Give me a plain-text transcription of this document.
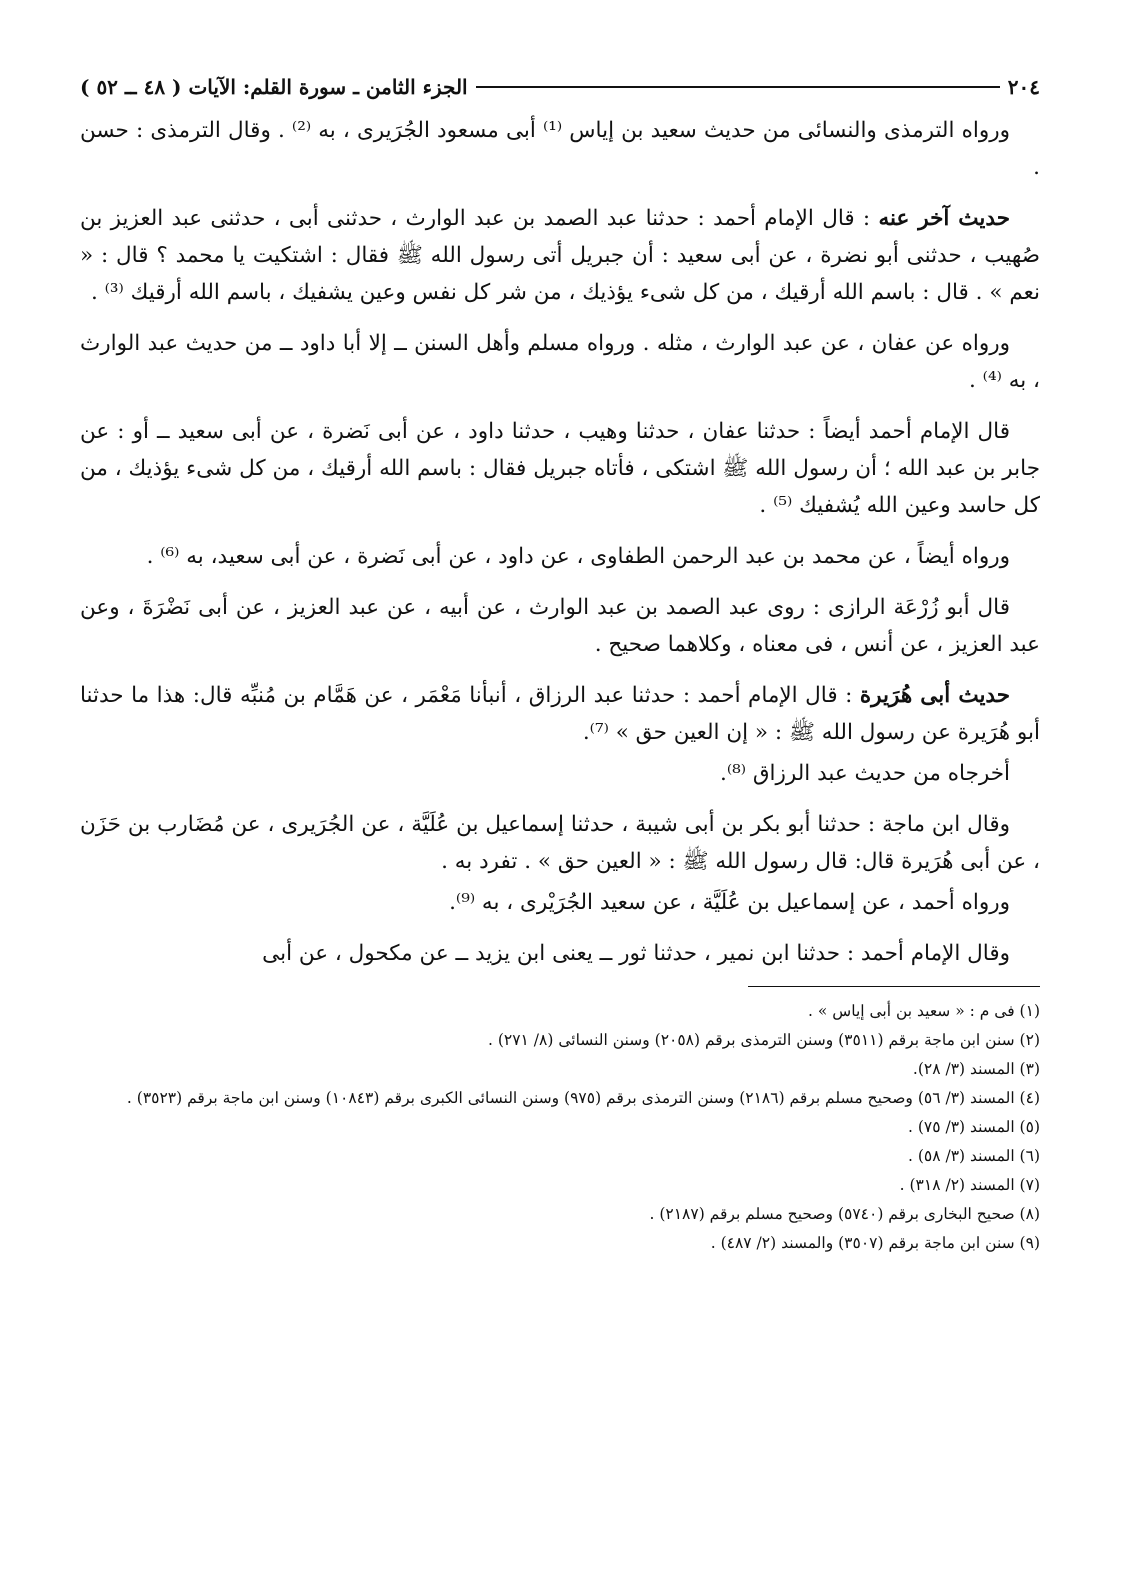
٢٠٤
الجزء الثامن ـ سورة القلم: الآيات ( ٤٨ ــ ٥٢ )

ورواه الترمذى والنسائى من حديث سعيد بن إياس ⁽¹⁾ أبى مسعود الجُرَيرى ، به ⁽²⁾ . وقال الترمذى : حسن .

حديث آخر عنه : قال الإمام أحمد : حدثنا عبد الصمد بن عبد الوارث ، حدثنى أبى ، حدثنى عبد العزيز بن صُهيب ، حدثنى أبو نضرة ، عن أبى سعيد : أن جبريل أتى رسول الله ﷺ فقال : اشتكيت يا محمد ؟ قال : « نعم » . قال : باسم الله أرقيك ، من كل شىء يؤذيك ، من شر كل نفس وعين يشفيك ، باسم الله أرقيك ⁽³⁾ .

ورواه عن عفان ، عن عبد الوارث ، مثله . ورواه مسلم وأهل السنن ــ إلا أبا داود ــ من حديث عبد الوارث ، به ⁽⁴⁾ .

قال الإمام أحمد أيضاً : حدثنا عفان ، حدثنا وهيب ، حدثنا داود ، عن أبى نَضرة ، عن أبى سعيد ــ أو : عن جابر بن عبد الله ؛ أن رسول الله ﷺ اشتكى ، فأتاه جبريل فقال : باسم الله أرقيك ، من كل شىء يؤذيك ، من كل حاسد وعين الله يُشفيك ⁽⁵⁾ .

ورواه أيضاً ، عن محمد بن عبد الرحمن الطفاوى ، عن داود ، عن أبى نَضرة ، عن أبى سعيد، به ⁽⁶⁾ .

قال أبو زُرْعَة الرازى : روى عبد الصمد بن عبد الوارث ، عن أبيه ، عن عبد العزيز ، عن أبى نَضْرَةَ ، وعن عبد العزيز ، عن أنس ، فى معناه ، وكلاهما صحيح .

حديث أبى هُرَيرة : قال الإمام أحمد : حدثنا عبد الرزاق ، أنبأنا مَعْمَر ، عن هَمَّام بن مُنبِّه قال: هذا ما حدثنا أبو هُرَيرة عن رسول الله ﷺ : « إن العين حق » ⁽⁷⁾.

أخرجاه من حديث عبد الرزاق ⁽⁸⁾.

وقال ابن ماجة : حدثنا أبو بكر بن أبى شيبة ، حدثنا إسماعيل بن عُلَيَّة ، عن الجُرَيرى ، عن مُضَارب بن حَزَن ، عن أبى هُرَيرة قال: قال رسول الله ﷺ : « العين حق » . تفرد به .

ورواه أحمد ، عن إسماعيل بن عُلَيَّة ، عن سعيد الجُرَيْرى ، به ⁽⁹⁾.

وقال الإمام أحمد : حدثنا ابن نمير ، حدثنا ثور ــ يعنى ابن يزيد ــ عن مكحول ، عن أبى

(١) فى م : « سعيد بن أبى إياس » .

(٢) سنن ابن ماجة برقم (٣٥١١) وسنن الترمذى برقم (٢٠٥٨) وسنن النسائى (٨/ ٢٧١) .

(٣) المسند (٣/ ٢٨).

(٤) المسند (٣/ ٥٦) وصحيح مسلم برقم (٢١٨٦) وسنن الترمذى برقم (٩٧٥) وسنن النسائى الكبرى برقم (١٠٨٤٣) وسنن ابن ماجة برقم (٣٥٢٣) .

(٥) المسند (٣/ ٧٥) .

(٦) المسند (٣/ ٥٨) .

(٧) المسند (٢/ ٣١٨) .

(٨) صحيح البخارى برقم (٥٧٤٠) وصحيح مسلم برقم (٢١٨٧) .

(٩) سنن ابن ماجة برقم (٣٥٠٧) والمسند (٢/ ٤٨٧) .
